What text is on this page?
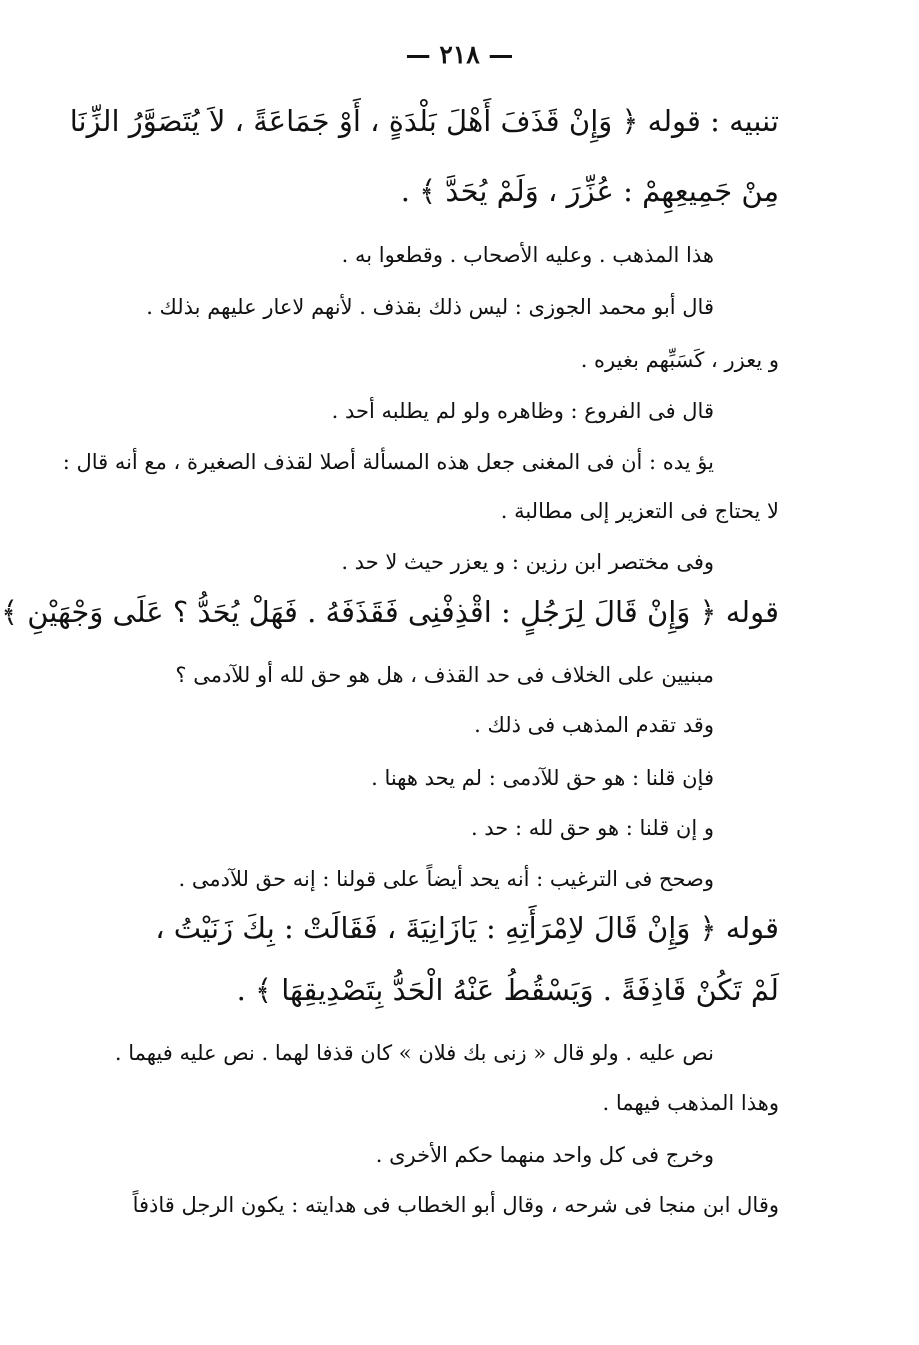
— ٢١٨ —
تنبيه : قوله ﴿ وَإِنْ قَذَفَ أَهْلَ بَلْدَةٍ ، أَوْ جَمَاعَةً ، لاَ يُتَصَوَّرُ الزِّنَا
مِنْ جَمِيعِهِمْ : عُزِّرَ ، وَلَمْ يُحَدَّ ﴾ .
هذا المذهب . وعليه الأصحاب . وقطعوا به .
قال أبو محمد الجوزى : ليس ذلك بقذف . لأنهم لاعار عليهم بذلك .
و يعزر ، كَسَبِّهم بغيره .
قال فى الفروع : وظاهره ولو لم يطلبه أحد .
يؤ يده : أن فى المغنى جعل هذه المسألة أصلا لقذف الصغيرة ، مع أنه قال :
لا يحتاج فى التعزير إلى مطالبة .
وفى مختصر ابن رزين : و يعزر حيث لا حد .
قوله ﴿ وَإِنْ قَالَ لِرَجُلٍ : اقْذِفْنِى فَقَذَفَهُ . فَهَلْ يُحَدُّ ؟ عَلَى وَجْهَيْنِ ﴾
مبنيين على الخلاف فى حد القذف ، هل هو حق لله أو للآدمى ؟
وقد تقدم المذهب فى ذلك .
فإن قلنا : هو حق للآدمى : لم يحد ههنا .
و إن قلنا : هو حق لله : حد .
وصحح فى الترغيب : أنه يحد أيضاً على قولنا : إنه حق للآدمى .
قوله ﴿ وَإِنْ قَالَ لاِمْرَأَتِهِ : يَازَانِيَةَ ، فَقَالَتْ : بِكَ زَنَيْتُ ،
لَمْ تَكُنْ قَاذِفَةً . وَيَسْقُطُ عَنْهُ الْحَدُّ بِتَصْدِيقِهَا ﴾ .
نص عليه . ولو قال « زنى بك فلان » كان قذفا لهما . نص عليه فيهما .
وهذا المذهب فيهما .
وخرج فى كل واحد منهما حكم الأخرى .
وقال ابن منجا فى شرحه ، وقال أبو الخطاب فى هدايته : يكون الرجل قاذفاً
